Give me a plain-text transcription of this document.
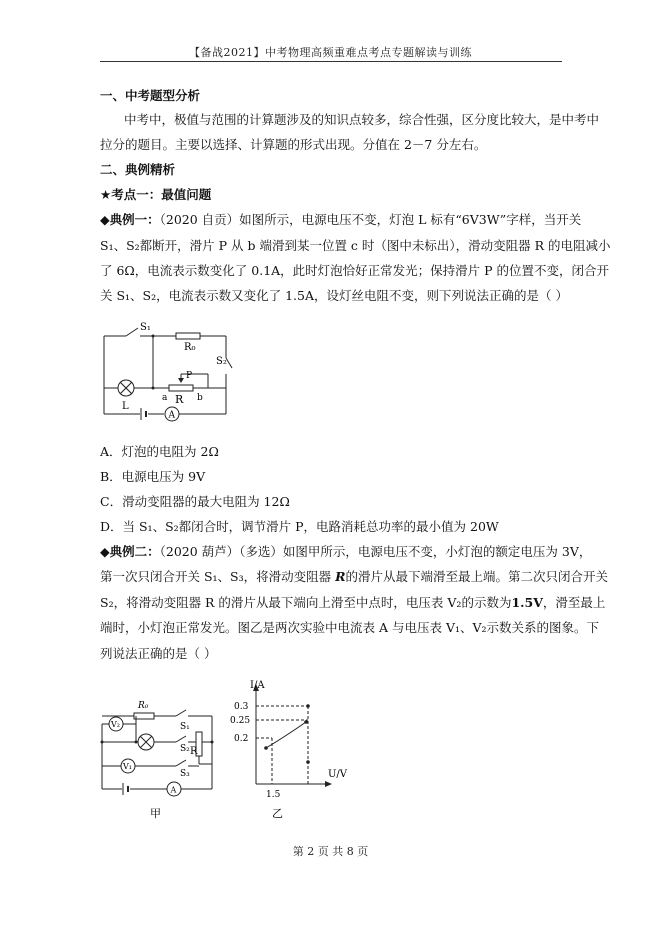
【备战2021】中考物理高频重难点考点专题解读与训练
一、中考题型分析
中考中，极值与范围的计算题涉及的知识点较多，综合性强，区分度比较大，是中考中
拉分的题目。主要以选择、计算题的形式出现。分值在 2－7 分左右。
二、典例精析
★考点一：最值问题
◆典例一：（2020 自贡）如图所示，电源电压不变，灯泡 L 标有“6V3W”字样，当开关
S₁、S₂都断开，滑片 P 从 b 端滑到某一位置 c 时（图中未标出），滑动变阻器 R 的电阻减小
了 6Ω，电流表示数变化了 0.1A，此时灯泡恰好正常发光；保持滑片 P 的位置不变，闭合开
关 S₁、S₂，电流表示数又变化了 1.5A，设灯丝电阻不变，则下列说法正确的是（ ）
S₁
R₀
S₂
P
R
a	b
L
A
A．灯泡的电阻为 2Ω
B．电源电压为 9V
C．滑动变阻器的最大电阻为 12Ω
D．当 S₁、S₂都闭合时，调节滑片 P，电路消耗总功率的最小值为 20W
◆典例二：（2020 葫芦）（多选）如图甲所示，电源电压不变，小灯泡的额定电压为 3V，
第一次只闭合开关 S₁、S₃，将滑动变阻器 R的滑片从最下端滑至最上端。第二次只闭合开关
S₂，将滑动变阻器 R 的滑片从最下端向上滑至中点时，电压表 V₂的示数为1.5V，滑至最上
端时，小灯泡正常发光。图乙是两次实验中电流表 A 与电压表 V₁、V₂示数关系的图象。下
列说法正确的是（ ）
R₀
V₂	S₁
S₂ R
V₁
S₃
A
甲
I/A
U/V
0.3
0.25
0.2
1.5
乙
第 2 页 共 8 页
